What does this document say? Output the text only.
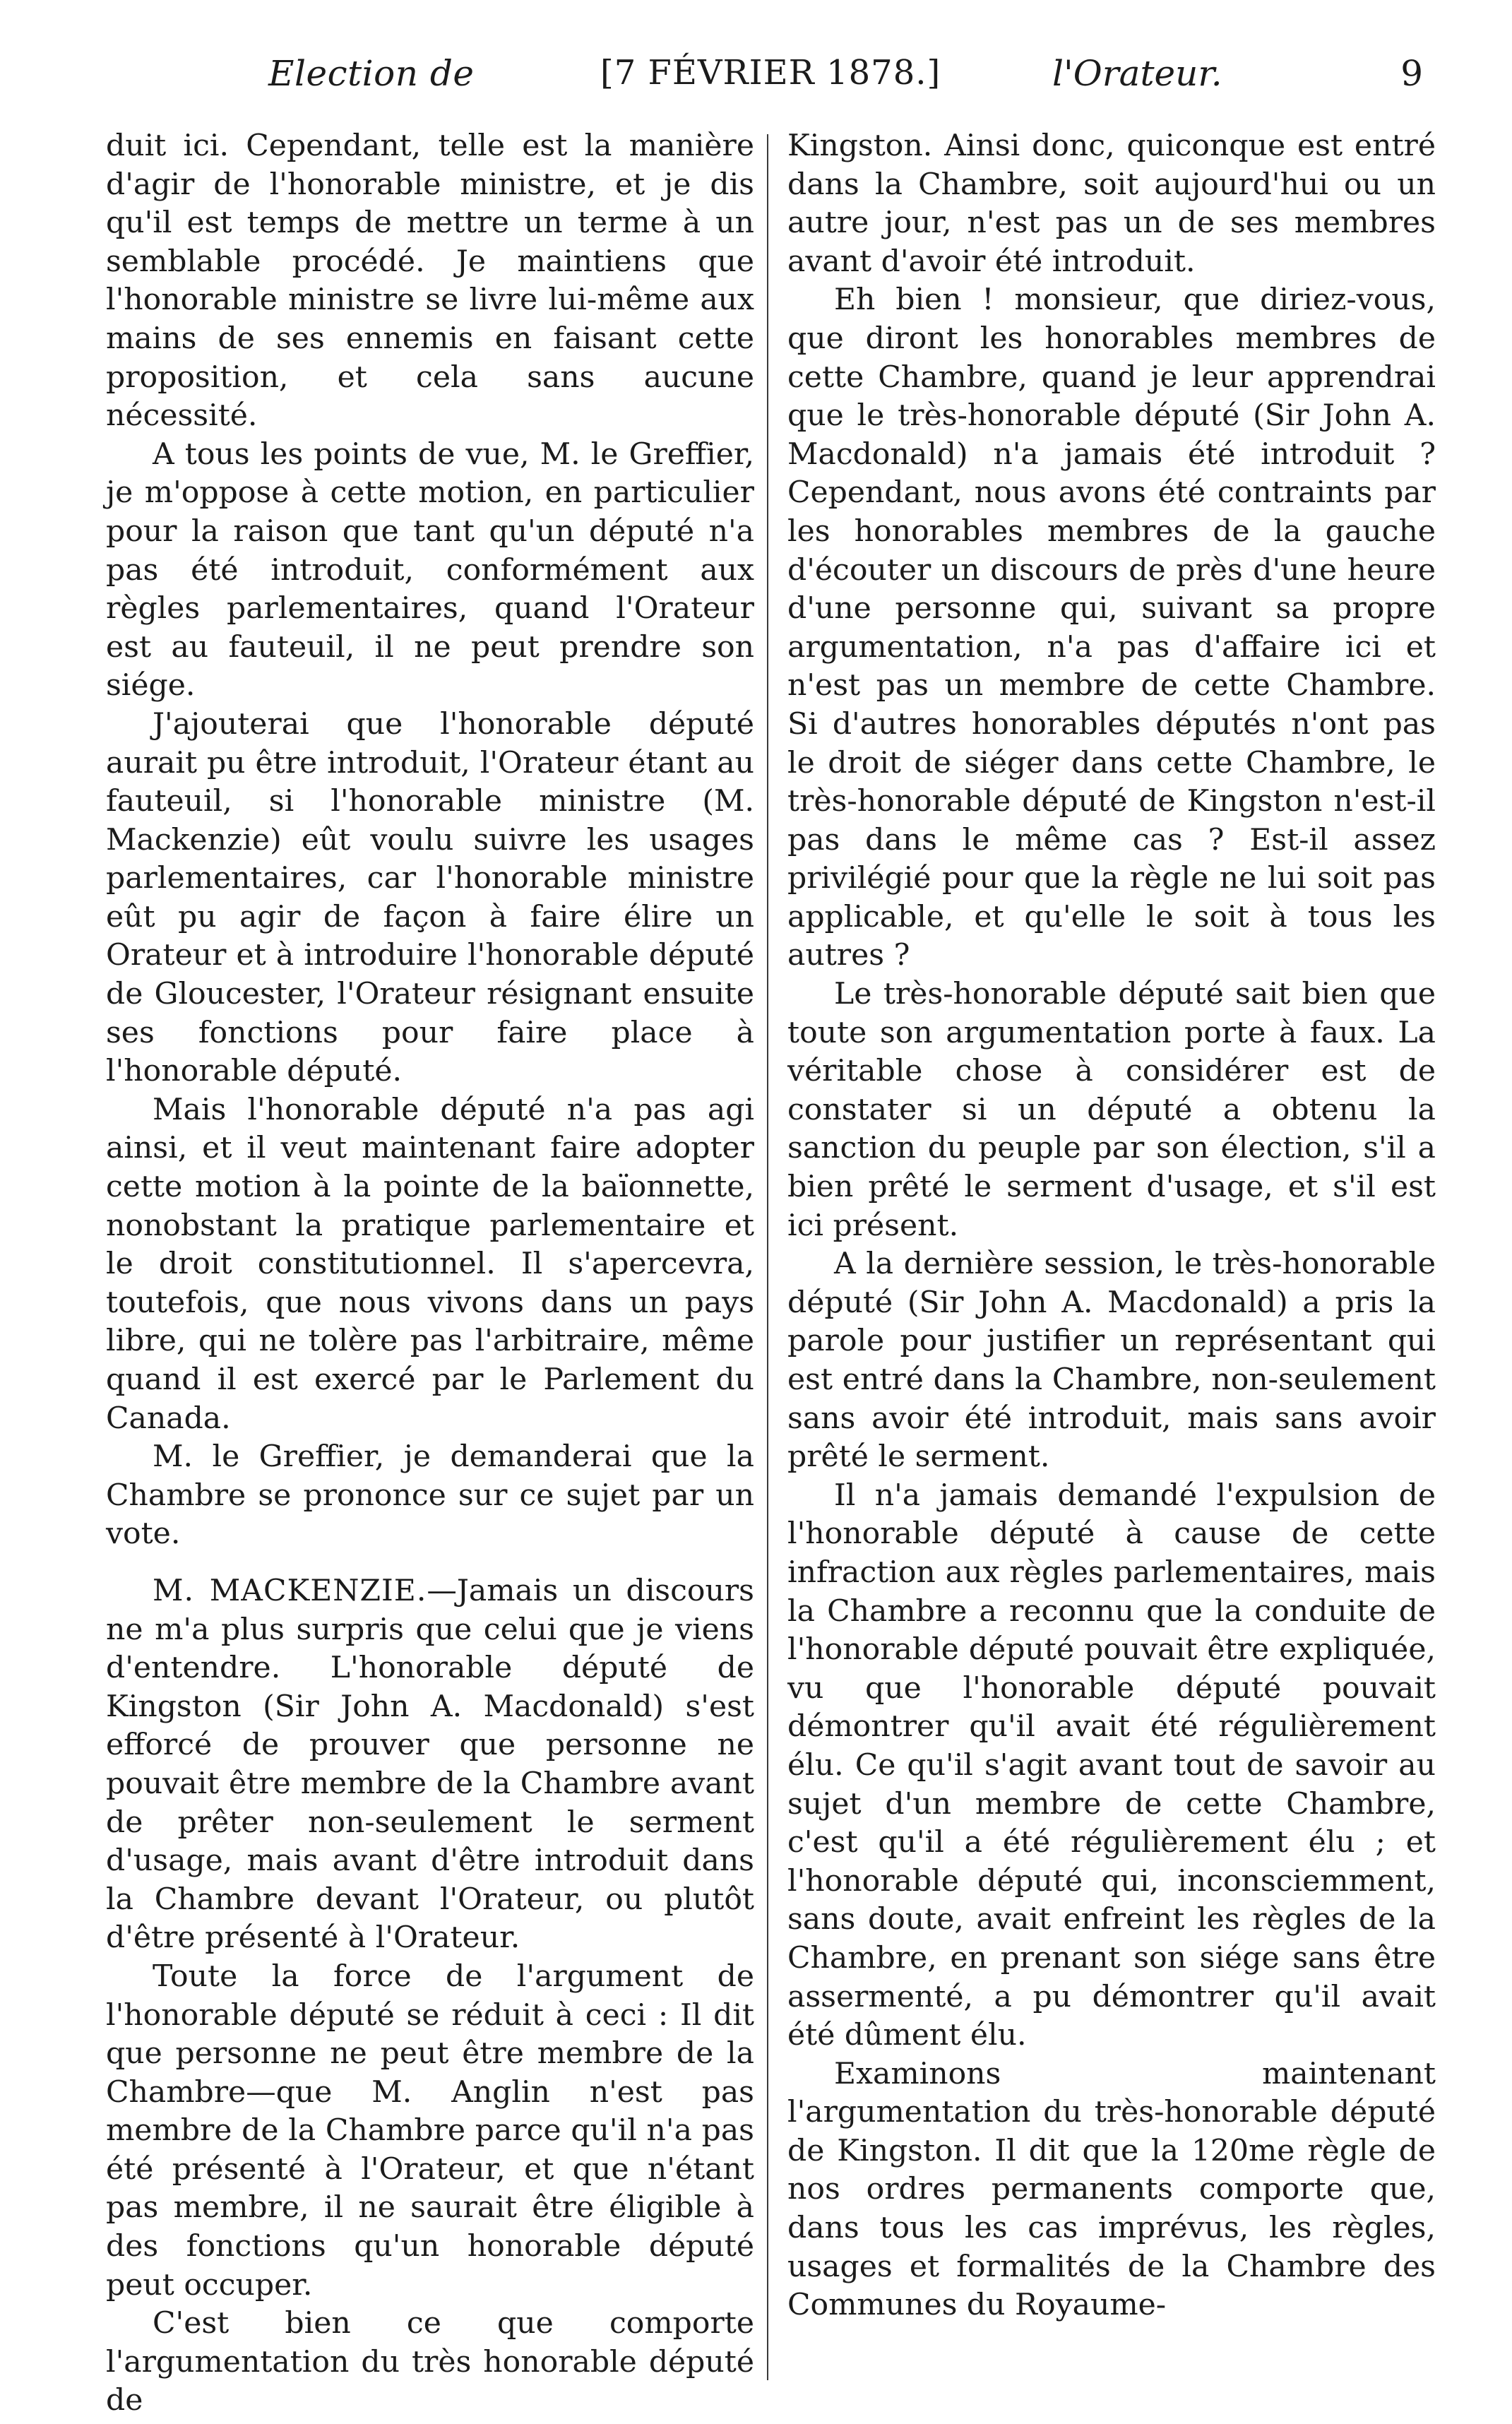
Election de	[7 FÉVRIER 1878.]	l'Orateur.	9

duit ici. Cependant, telle est la manière d'agir de l'honorable ministre, et je dis qu'il est temps de mettre un terme à un semblable procédé. Je maintiens que l'honorable ministre se livre lui-même aux mains de ses ennemis en faisant cette proposition, et cela sans aucune nécessité.

A tous les points de vue, M. le Greffier, je m'oppose à cette motion, en particulier pour la raison que tant qu'un député n'a pas été introduit, conformément aux règles parlementaires, quand l'Orateur est au fauteuil, il ne peut prendre son siége.

J'ajouterai que l'honorable député aurait pu être introduit, l'Orateur étant au fauteuil, si l'honorable ministre (M. Mackenzie) eût voulu suivre les usages parlementaires, car l'honorable ministre eût pu agir de façon à faire élire un Orateur et à introduire l'honorable député de Gloucester, l'Orateur résignant ensuite ses fonctions pour faire place à l'honorable député.

Mais l'honorable député n'a pas agi ainsi, et il veut maintenant faire adopter cette motion à la pointe de la baïonnette, nonobstant la pratique parlementaire et le droit constitutionnel. Il s'apercevra, toutefois, que nous vivons dans un pays libre, qui ne tolère pas l'arbitraire, même quand il est exercé par le Parlement du Canada.

M. le Greffier, je demanderai que la Chambre se prononce sur ce sujet par un vote.

M. MACKENZIE.—Jamais un discours ne m'a plus surpris que celui que je viens d'entendre. L'honorable député de Kingston (Sir John A. Macdonald) s'est efforcé de prouver que personne ne pouvait être membre de la Chambre avant de prêter non-seulement le serment d'usage, mais avant d'être introduit dans la Chambre devant l'Orateur, ou plutôt d'être présenté à l'Orateur.

Toute la force de l'argument de l'honorable député se réduit à ceci : Il dit que personne ne peut être membre de la Chambre—que M. Anglin n'est pas membre de la Chambre parce qu'il n'a pas été présenté à l'Orateur, et que n'étant pas membre, il ne saurait être éligible à des fonctions qu'un honorable député peut occuper.

C'est bien ce que comporte l'argumentation du très honorable député de

Kingston. Ainsi donc, quiconque est entré dans la Chambre, soit aujourd'hui ou un autre jour, n'est pas un de ses membres avant d'avoir été introduit.

Eh bien ! monsieur, que diriez-vous, que diront les honorables membres de cette Chambre, quand je leur apprendrai que le très-honorable député (Sir John A. Macdonald) n'a jamais été introduit ? Cependant, nous avons été contraints par les honorables membres de la gauche d'écouter un discours de près d'une heure d'une personne qui, suivant sa propre argumentation, n'a pas d'affaire ici et n'est pas un membre de cette Chambre. Si d'autres honorables députés n'ont pas le droit de siéger dans cette Chambre, le très-honorable député de Kingston n'est-il pas dans le même cas ? Est-il assez privilégié pour que la règle ne lui soit pas applicable, et qu'elle le soit à tous les autres ?

Le très-honorable député sait bien que toute son argumentation porte à faux. La véritable chose à considérer est de constater si un député a obtenu la sanction du peuple par son élection, s'il a bien prêté le serment d'usage, et s'il est ici présent.

A la dernière session, le très-honorable député (Sir John A. Macdonald) a pris la parole pour justifier un représentant qui est entré dans la Chambre, non-seulement sans avoir été introduit, mais sans avoir prêté le serment.

Il n'a jamais demandé l'expulsion de l'honorable député à cause de cette infraction aux règles parlementaires, mais la Chambre a reconnu que la conduite de l'honorable député pouvait être expliquée, vu que l'honorable député pouvait démontrer qu'il avait été régulièrement élu. Ce qu'il s'agit avant tout de savoir au sujet d'un membre de cette Chambre, c'est qu'il a été régulièrement élu ; et l'honorable député qui, inconsciemment, sans doute, avait enfreint les règles de la Chambre, en prenant son siége sans être assermenté, a pu démontrer qu'il avait été dûment élu.

Examinons maintenant l'argumentation du très-honorable député de Kingston. Il dit que la 120me règle de nos ordres permanents comporte que, dans tous les cas imprévus, les règles, usages et formalités de la Chambre des Communes du Royaume-
